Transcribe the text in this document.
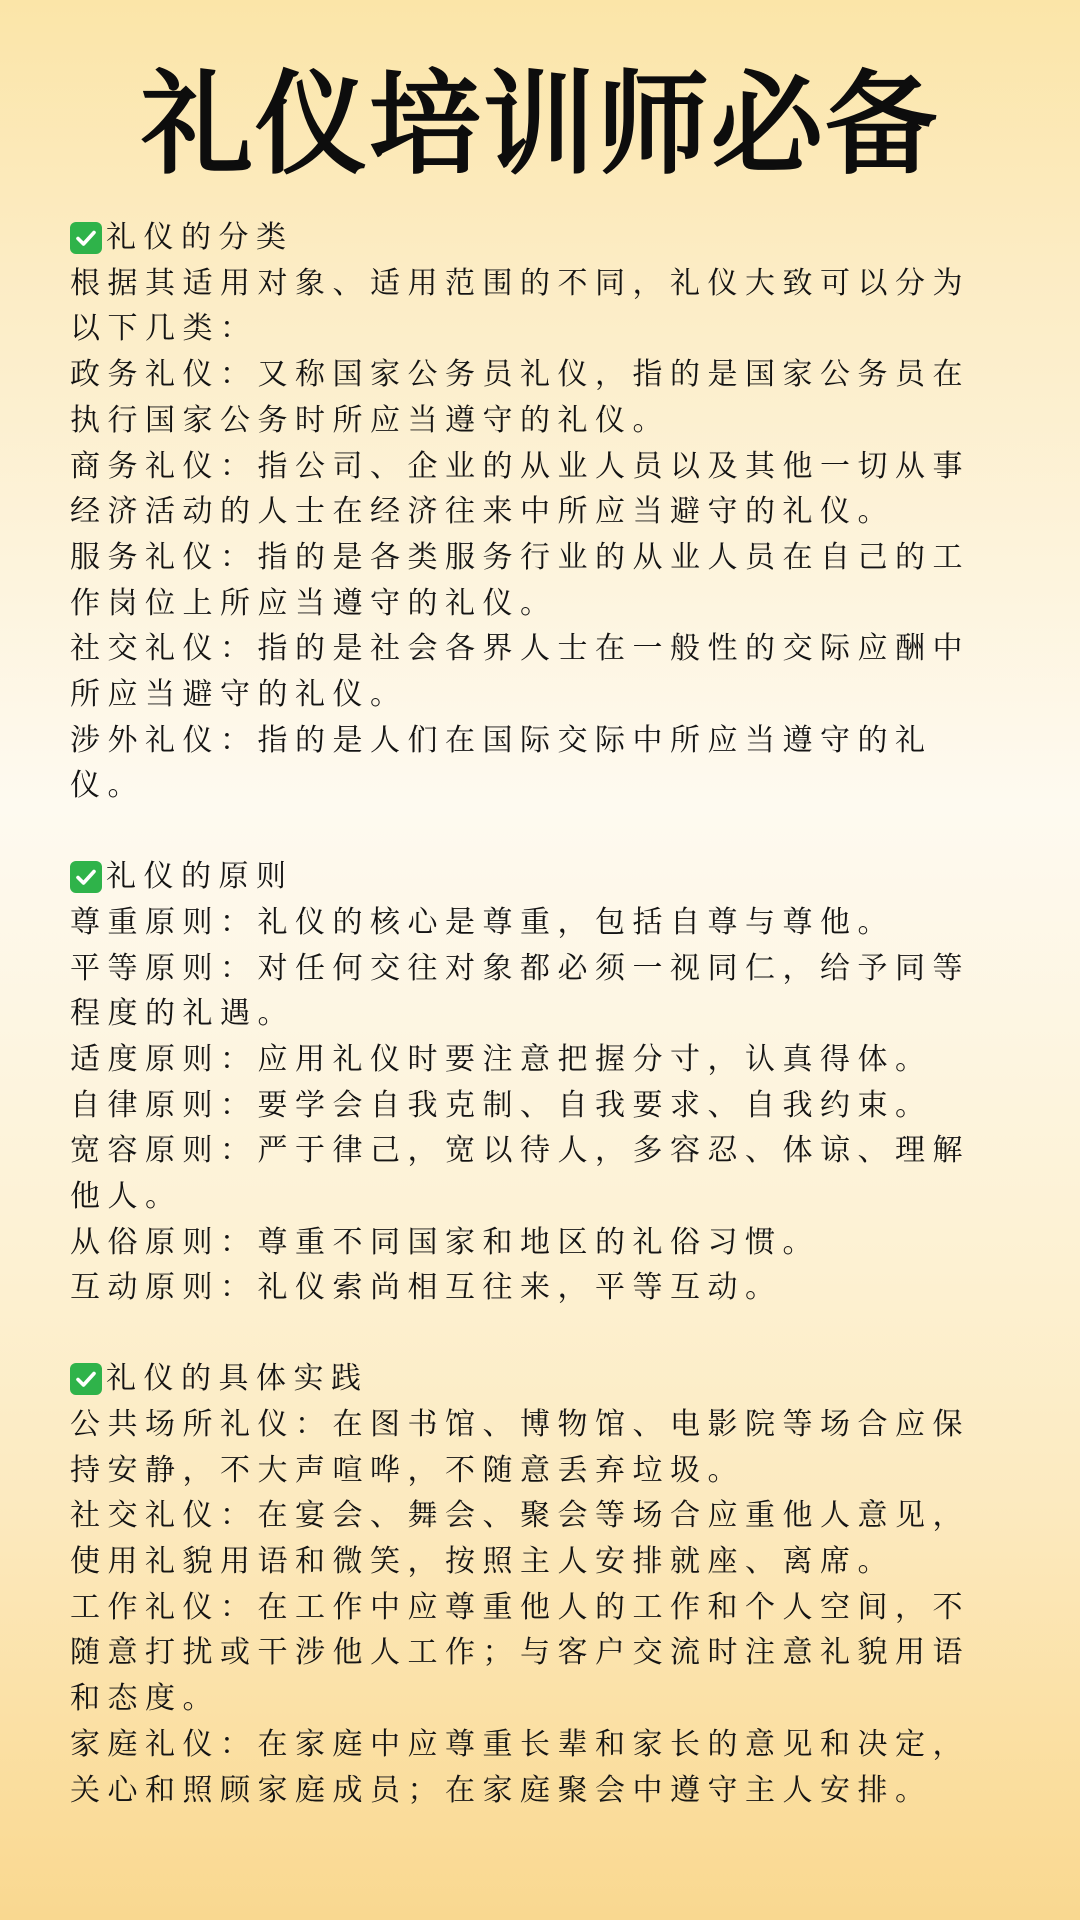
礼仪培训师必备
礼仪的分类

根据其适用对象、适用范围的不同，礼仪大致可以分为以下几类：

政务礼仪：又称国家公务员礼仪，指的是国家公务员在执行国家公务时所应当遵守的礼仪。

商务礼仪：指公司、企业的从业人员以及其他一切从事经济活动的人士在经济往来中所应当避守的礼仪。

服务礼仪：指的是各类服务行业的从业人员在自己的工作岗位上所应当遵守的礼仪。

社交礼仪：指的是社会各界人士在一般性的交际应酬中所应当避守的礼仪。

涉外礼仪：指的是人们在国际交际中所应当遵守的礼仪。

礼仪的原则

尊重原则：礼仪的核心是尊重，包括自尊与尊他。

平等原则：对任何交往对象都必须一视同仁，给予同等程度的礼遇。

适度原则：应用礼仪时要注意把握分寸，认真得体。

自律原则：要学会自我克制、自我要求、自我约束。

宽容原则：严于律己，宽以待人，多容忍、体谅、理解他人。

从俗原则：尊重不同国家和地区的礼俗习惯。

互动原则：礼仪索尚相互往来，平等互动。

礼仪的具体实践

公共场所礼仪：在图书馆、博物馆、电影院等场合应保持安静，不大声喧哗，不随意丢弃垃圾。

社交礼仪：在宴会、舞会、聚会等场合应重他人意见，使用礼貌用语和微笑，按照主人安排就座、离席。

工作礼仪：在工作中应尊重他人的工作和个人空间，不随意打扰或干涉他人工作；与客户交流时注意礼貌用语和态度。

家庭礼仪：在家庭中应尊重长辈和家长的意见和决定，关心和照顾家庭成员；在家庭聚会中遵守主人安排。
